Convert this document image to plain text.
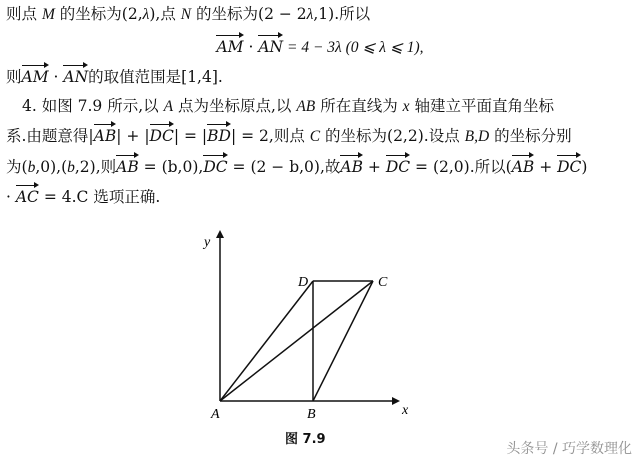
则点 M 的坐标为(2,λ),点 N 的坐标为(2 − 2λ,1).所以
AM · AN = 4 − 3λ (0 ⩽ λ ⩽ 1),
则AM · AN的取值范围是[1,4].
4. 如图 7.9 所示,以 A 点为坐标原点,以 AB 所在直线为 x 轴建立平面直角坐标
系.由题意得|AB| + |DC| = |BD| = 2,则点 C 的坐标为(2,2).设点 B,D 的坐标分别
为(b,0),(b,2),则AB = (b,0),DC = (2 − b,0),故AB + DC = (2,0).所以(AB + DC)
· AC = 4.C 选项正确.
y
x
A	B
D	C
图 7.9
头条号 / 巧学数理化
